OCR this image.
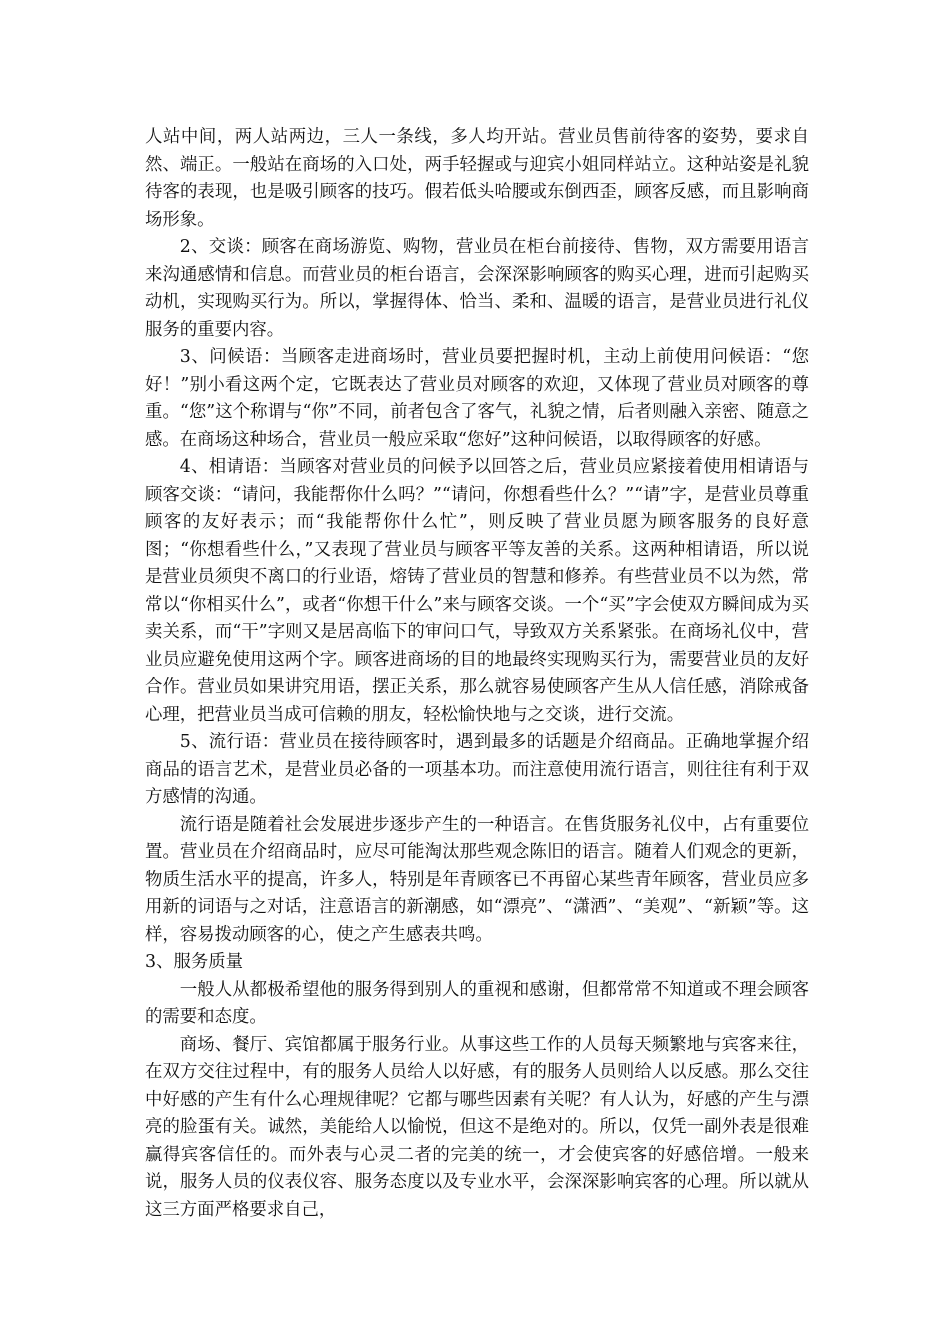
人站中间，两人站两边，三人一条线，多人均开站。营业员售前待客的姿势，要求自然、端正。一般站在商场的入口处，两手轻握或与迎宾小姐同样站立。这种站姿是礼貌待客的表现，也是吸引顾客的技巧。假若低头哈腰或东倒西歪，顾客反感，而且影响商场形象。

2、交谈：顾客在商场游览、购物，营业员在柜台前接待、售物，双方需要用语言来沟通感情和信息。而营业员的柜台语言，会深深影响顾客的购买心理，进而引起购买动机，实现购买行为。所以，掌握得体、恰当、柔和、温暖的语言，是营业员进行礼仪服务的重要内容。

3、问候语：当顾客走进商场时，营业员要把握时机，主动上前使用问候语：“您好！”别小看这两个定，它既表达了营业员对顾客的欢迎，又体现了营业员对顾客的尊重。“您”这个称谓与“你”不同，前者包含了客气，礼貌之情，后者则融入亲密、随意之感。在商场这种场合，营业员一般应采取“您好”这种问候语，以取得顾客的好感。

4、相请语：当顾客对营业员的问候予以回答之后，营业员应紧接着使用相请语与顾客交谈：“请问，我能帮你什么吗？”“请问，你想看些什么？”“请”字，是营业员尊重顾客的友好表示；而“我能帮你什么忙”，则反映了营业员愿为顾客服务的良好意图；“你想看些什么，”又表现了营业员与顾客平等友善的关系。这两种相请语，所以说是营业员须臾不离口的行业语，熔铸了营业员的智慧和修养。有些营业员不以为然，常常以“你相买什么”，或者“你想干什么”来与顾客交谈。一个“买”字会使双方瞬间成为买卖关系，而“干”字则又是居高临下的审问口气，导致双方关系紧张。在商场礼仪中，营业员应避免使用这两个字。顾客进商场的目的地最终实现购买行为，需要营业员的友好合作。营业员如果讲究用语，摆正关系，那么就容易使顾客产生从人信任感，消除戒备心理，把营业员当成可信赖的朋友，轻松愉快地与之交谈，进行交流。

5、流行语：营业员在接待顾客时，遇到最多的话题是介绍商品。正确地掌握介绍商品的语言艺术，是营业员必备的一项基本功。而注意使用流行语言，则往往有利于双方感情的沟通。

流行语是随着社会发展进步逐步产生的一种语言。在售货服务礼仪中，占有重要位置。营业员在介绍商品时，应尽可能淘汰那些观念陈旧的语言。随着人们观念的更新，物质生活水平的提高，许多人，特别是年青顾客已不再留心某些青年顾客，营业员应多用新的词语与之对话，注意语言的新潮感，如“漂亮”、“潇洒”、“美观”、“新颖”等。这样，容易拨动顾客的心，使之产生感表共鸣。

3、服务质量

一般人从都极希望他的服务得到别人的重视和感谢，但都常常不知道或不理会顾客的需要和态度。

商场、餐厅、宾馆都属于服务行业。从事这些工作的人员每天频繁地与宾客来往，在双方交往过程中，有的服务人员给人以好感，有的服务人员则给人以反感。那么交往中好感的产生有什么心理规律呢？它都与哪些因素有关呢？有人认为，好感的产生与漂亮的脸蛋有关。诚然，美能给人以愉悦，但这不是绝对的。所以，仅凭一副外表是很难赢得宾客信任的。而外表与心灵二者的完美的统一，才会使宾客的好感倍增。一般来说，服务人员的仪表仪容、服务态度以及专业水平，会深深影响宾客的心理。所以就从这三方面严格要求自己，
